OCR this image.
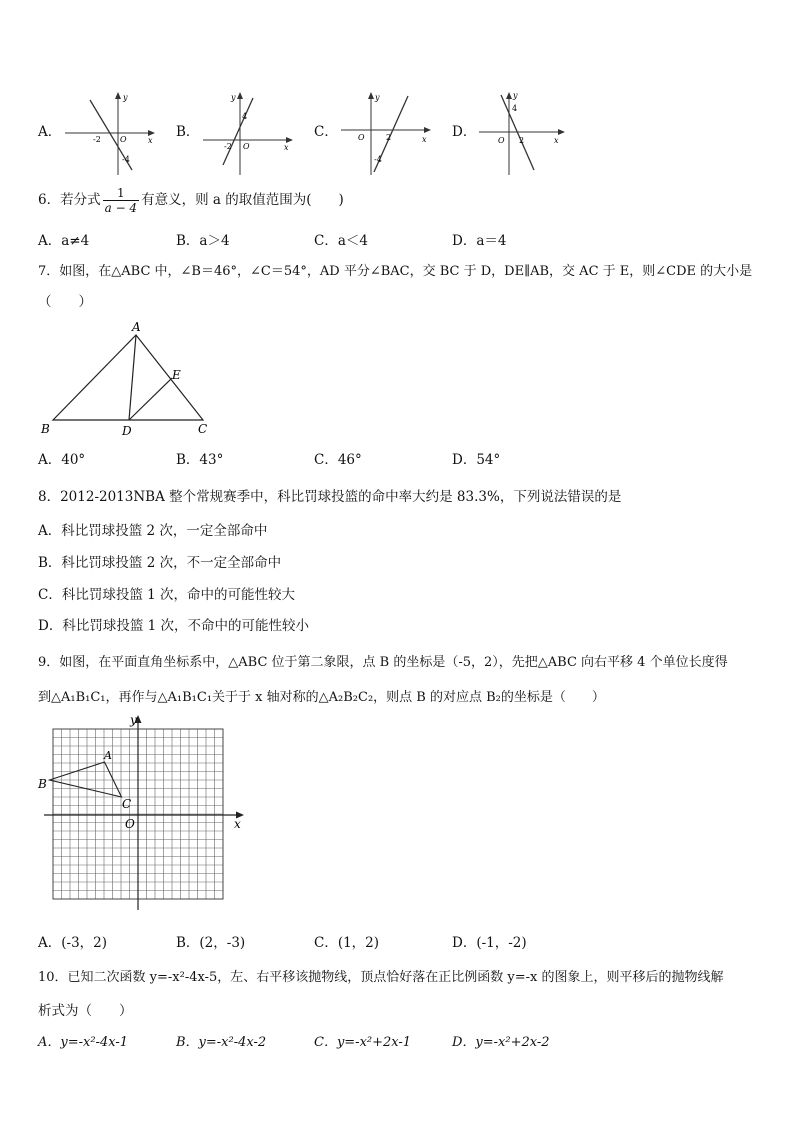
A．
y
-2 O	x
-4
B．
y
4
-2 O	x
C．
y
O	2	x
-4
D．
y
4
O 2	x
6．若分式 $\frac{1}{a - 4}$ 有意义，则 a 的取值范围为(　　)
A．a≠4	B．a＞4	C．a＜4	D．a＝4
7．如图，在△ABC 中，∠B＝46°，∠C＝54°，AD 平分∠BAC，交 BC 于 D，DE∥AB，交 AC 于 E，则∠CDE 的大小是
（　　）
A
B	C
D
E
A．40°	B．43°	C．46°	D．54°
8．2012-2013NBA 整个常规赛季中，科比罚球投篮的命中率大约是 83.3%，下列说法错误的是
A．科比罚球投篮 2 次，一定全部命中
B．科比罚球投篮 2 次，不一定全部命中
C．科比罚球投篮 1 次，命中的可能性较大
D．科比罚球投篮 1 次，不命中的可能性较小
9．如图，在平面直角坐标系中，△ABC 位于第二象限，点 B 的坐标是（-5，2），先把△ABC 向右平移 4 个单位长度得
到△A₁B₁C₁，再作与△A₁B₁C₁关于于 x 轴对称的△A₂B₂C₂，则点 B 的对应点 B₂的坐标是（　　）
y
x
O
A
B
C
A．(-3，2)	B．(2，-3)	C．(1，2)	D．(-1，-2)
10．已知二次函数 y=-x²-4x-5，左、右平移该抛物线，顶点恰好落在正比例函数 y=-x 的图象上，则平移后的抛物线解
析式为（　　）
A．y=-x²-4x-1	B．y=-x²-4x-2	C．y=-x²+2x-1	D．y=-x²+2x-2
